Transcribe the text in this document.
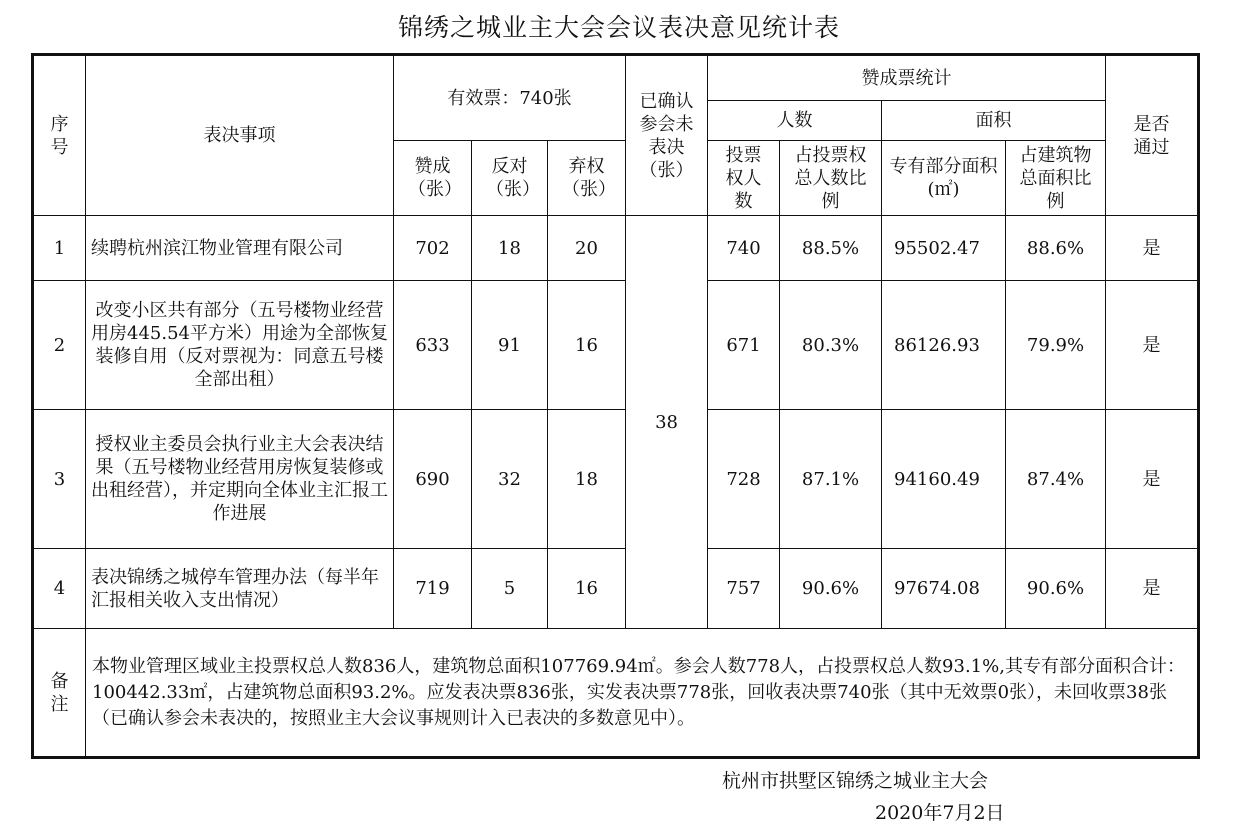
锦绣之城业主大会会议表决意见统计表
序号	表决事项	有效票：740张			已确认参会未表决（张）	赞成票统计				是否通过
						人数		面积		
		赞成（张）	反对（张）	弃权（张）		投票权人数	占投票权总人数比例	专有部分面积(㎡)	占建筑物总面积比例	
1	续聘杭州滨江物业管理有限公司	702	18	20	38	740	88.5%	95502.47	88.6%	是
2	改变小区共有部分（五号楼物业经营用房445.54平方米）用途为全部恢复装修自用（反对票视为：同意五号楼全部出租）	633	91	16		671	80.3%	86126.93	79.9%	是
3	授权业主委员会执行业主大会表决结果（五号楼物业经营用房恢复装修或出租经营），并定期向全体业主汇报工作进展	690	32	18		728	87.1%	94160.49	87.4%	是
4	表决锦绣之城停车管理办法（每半年汇报相关收入支出情况）	719	5	16		757	90.6%	97674.08	90.6%	是
备注	本物业管理区域业主投票权总人数836人，建筑物总面积107769.94㎡。参会人数778人，占投票权总人数93.1%,其专有部分面积合计：100442.33㎡，占建筑物总面积93.2%。应发表决票836张，实发表决票778张，回收表决票740张（其中无效票0张），未回收票38张（已确认参会未表决的，按照业主大会议事规则计入已表决的多数意见中）。									
杭州市拱墅区锦绣之城业主大会
2020年7月2日
